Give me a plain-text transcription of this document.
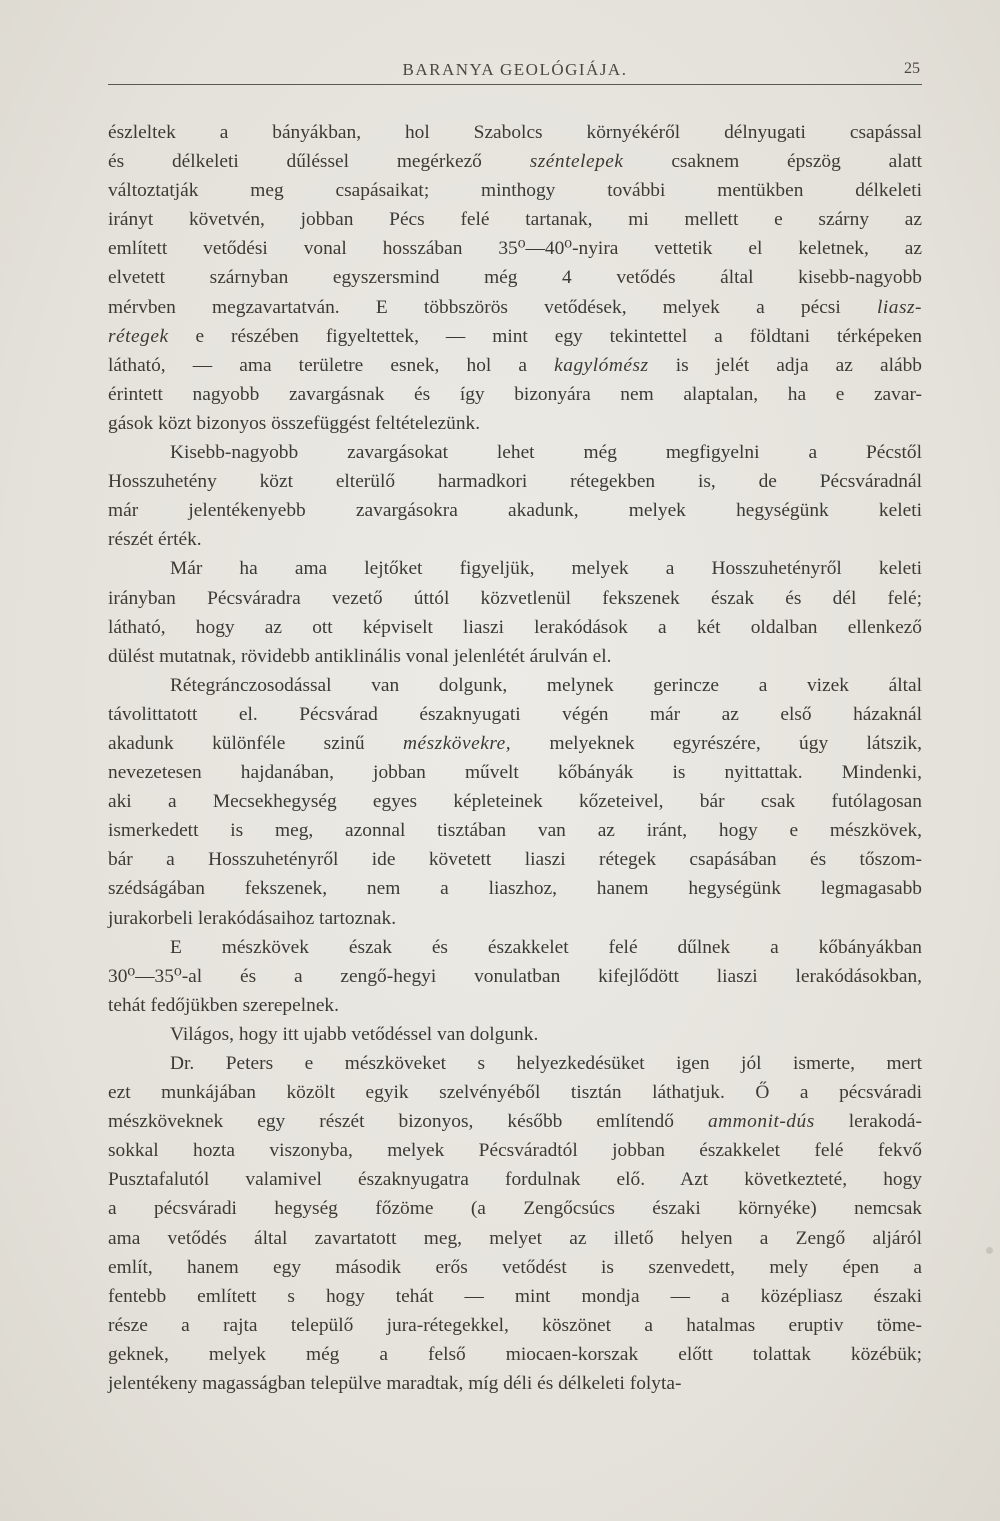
BARANYA GEOLÓGIÁJA.	25

észleltek a bányákban, hol Szabolcs környékéről délnyugati csapással
és délkeleti dűléssel megérkező széntelepek csaknem épszög alatt
változtatják meg csapásaikat; minthogy további mentükben délkeleti
irányt követvén, jobban Pécs felé tartanak, mi mellett e szárny az
említett vetődési vonal hosszában 35⁰—40⁰-nyira vettetik el keletnek, az
elvetett szárnyban egyszersmind még 4 vetődés által kisebb-nagyobb
mérvben megzavartatván. E többszörös vetődések, melyek a pécsi liasz-
rétegek e részében figyeltettek, — mint egy tekintettel a földtani térképeken
látható, — ama területre esnek, hol a kagylómész is jelét adja az alább
érintett nagyobb zavargásnak és így bizonyára nem alaptalan, ha e zavar-
gások közt bizonyos összefüggést feltételezünk.

Kisebb-nagyobb zavargásokat lehet még megfigyelni a Pécstől
Hosszuhetény közt elterülő harmadkori rétegekben is, de Pécsváradnál
már jelentékenyebb zavargásokra akadunk, melyek hegységünk keleti
részét érték.

Már ha ama lejtőket figyeljük, melyek a Hosszuhetényről keleti
irányban Pécsváradra vezető úttól közvetlenül fekszenek észak és dél felé;
látható, hogy az ott képviselt liaszi lerakódások a két oldalban ellenkező
dülést mutatnak, rövidebb antiklinális vonal jelenlétét árulván el.

Rétegránczosodással van dolgunk, melynek gerincze a vizek által
távolittatott el. Pécsvárad északnyugati végén már az első házaknál
akadunk különféle szinű mészkövekre, melyeknek egyrészére, úgy látszik,
nevezetesen hajdanában, jobban művelt kőbányák is nyittattak. Mindenki,
aki a Mecsekhegység egyes képleteinek kőzeteivel, bár csak futólagosan
ismerkedett is meg, azonnal tisztában van az iránt, hogy e mészkövek,
bár a Hosszuhetényről ide követett liaszi rétegek csapásában és tőszom-
szédságában fekszenek, nem a liaszhoz, hanem hegységünk legmagasabb
jurakorbeli lerakódásaihoz tartoznak.

E mészkövek észak és északkelet felé dűlnek a kőbányákban
30⁰—35⁰-al és a zengő-hegyi vonulatban kifejlődött liaszi lerakódásokban,
tehát fedőjükben szerepelnek.

Világos, hogy itt ujabb vetődéssel van dolgunk.

Dr. Peters e mészköveket s helyezkedésüket igen jól ismerte, mert
ezt munkájában közölt egyik szelvényéből tisztán láthatjuk. Ő a pécsváradi
mészköveknek egy részét bizonyos, később említendő ammonit-dús lerakodá-
sokkal hozta viszonyba, melyek Pécsváradtól jobban északkelet felé fekvő
Pusztafalutól valamivel északnyugatra fordulnak elő. Azt következteté, hogy
a pécsváradi hegység főzöme (a Zengőcsúcs északi környéke) nemcsak
ama vetődés által zavartatott meg, melyet az illető helyen a Zengő aljáról
említ, hanem egy második erős vetődést is szenvedett, mely épen a
fentebb említett s hogy tehát — mint mondja — a középliasz északi
része a rajta települő jura-rétegekkel, köszönet a hatalmas eruptiv töme-
geknek, melyek még a felső miocaen-korszak előtt tolattak közébük;
jelentékeny magasságban települve maradtak, míg déli és délkeleti folyta-
